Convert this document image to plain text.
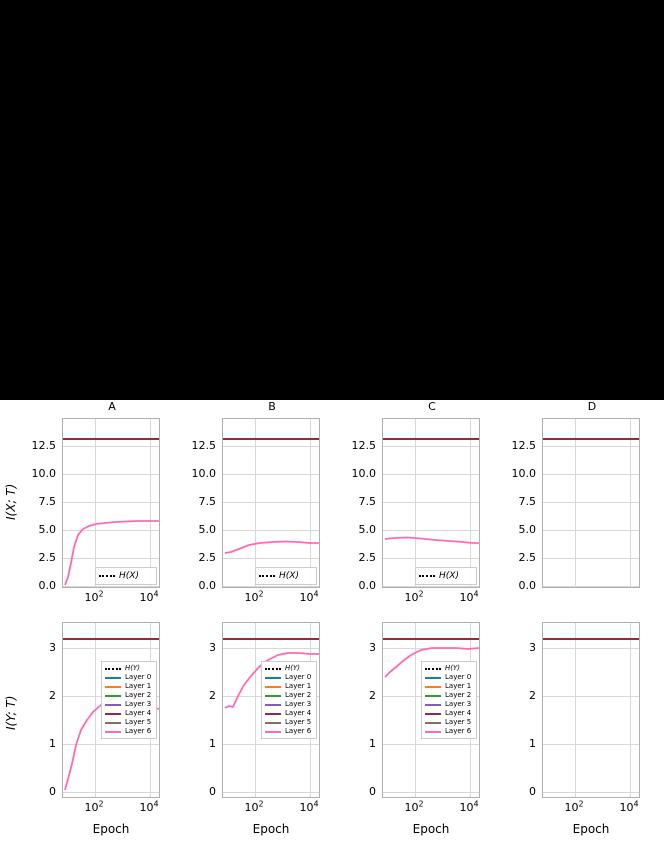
A
I(X; T)
12.5
10.0
7.5
5.0
2.5
0.0
H(X)
$10^2$	$10^4$
B
12.5
10.0
7.5
5.0
2.5
0.0
H(X)
$10^2$	$10^4$
C
12.5
10.0
7.5
5.0
2.5
0.0
H(X)
$10^2$	$10^4$
D
12.5
10.0
7.5
5.0
2.5
0.0
I(Y; T)
3
2
1
0
H(Y)
Layer 0
Layer 1
Layer 2
Layer 3
Layer 4
Layer 5
Layer 6
$10^2$	$10^4$
Epoch
3
2
1
0
H(Y)
Layer 0
Layer 1
Layer 2
Layer 3
Layer 4
Layer 5
Layer 6
$10^2$	$10^4$
Epoch
3
2
1
0
H(Y)
Layer 0
Layer 1
Layer 2
Layer 3
Layer 4
Layer 5
Layer 6
$10^2$	$10^4$
Epoch
3
2
1
0
$10^2$	$10^4$
Epoch
